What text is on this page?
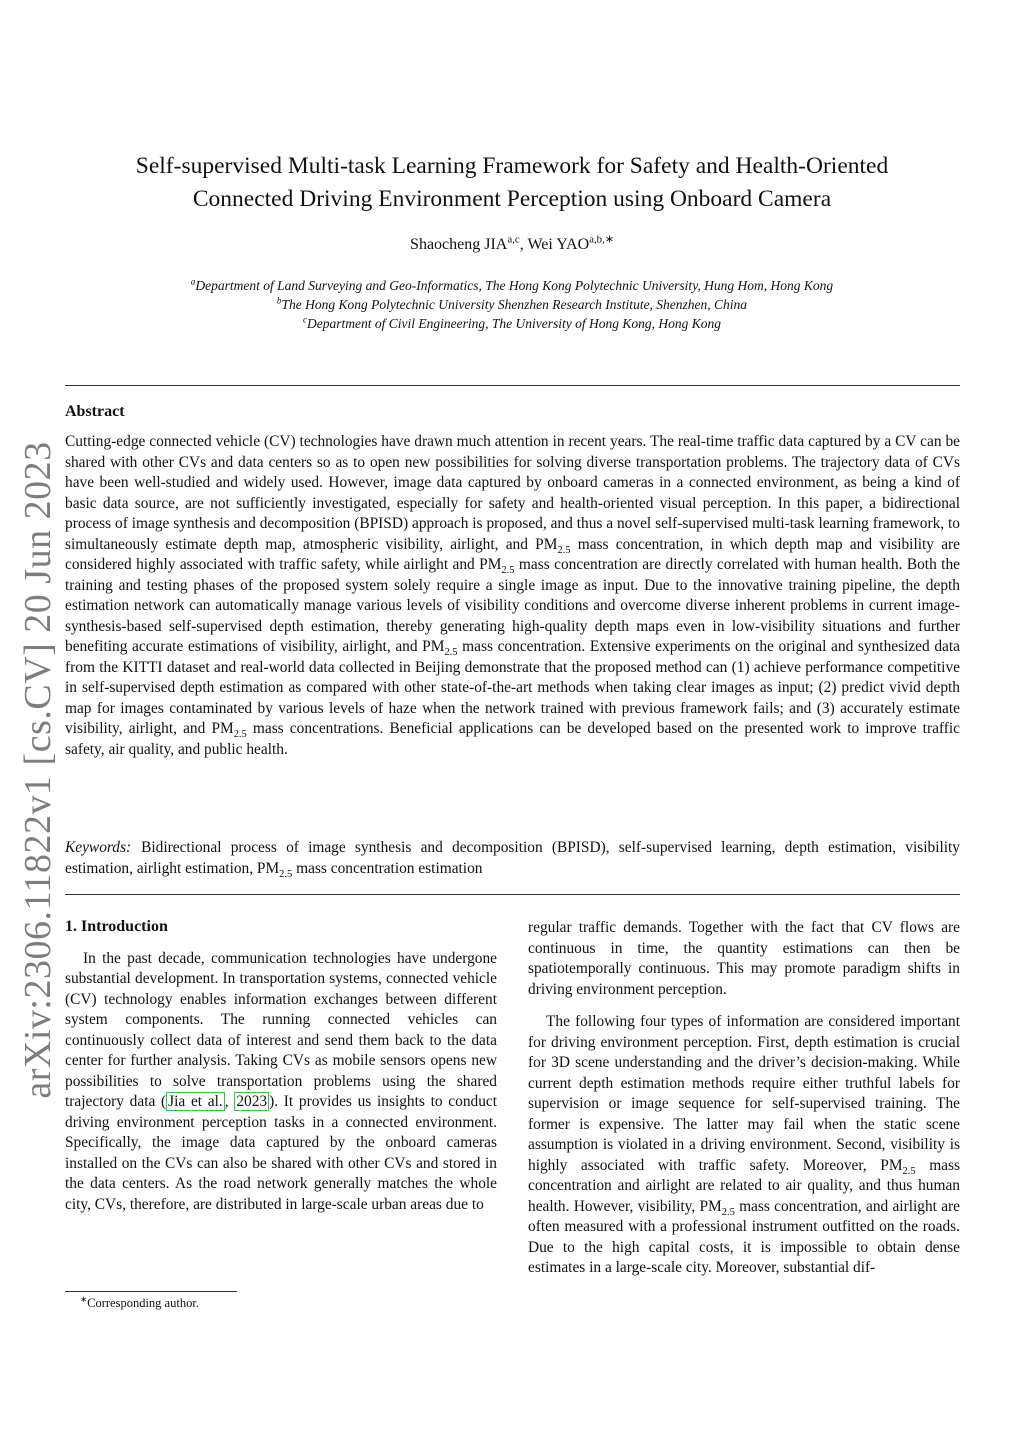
arXiv:2306.11822v1 [cs.CV] 20 Jun 2023
Self-supervised Multi-task Learning Framework for Safety and Health-Oriented
Connected Driving Environment Perception using Onboard Camera
Shaocheng JIA$^{a,c}$, Wei $YAO^{a,b,∗}$
$^a$Department of Land Surveying and Geo-Informatics, The Hong Kong Polytechnic University, Hung Hom, Hong Kong
$^b$The Hong Kong Polytechnic University Shenzhen Research Institute, Shenzhen, China
$^c$Department of Civil Engineering, The University of Hong Kong, Hong Kong
Abstract
Cutting-edge connected vehicle (CV) technologies have drawn much attention in recent years. The real-time traffic data captured by a CV can be shared with other CVs and data centers so as to open new possibilities for solving diverse transportation problems. The trajectory data of CVs have been well-studied and widely used. However, image data captured by onboard cameras in a connected environment, as being a kind of basic data source, are not sufficiently investigated, especially for safety and health-oriented visual perception. In this paper, a bidirectional process of image synthesis and decomposition (BPISD) approach is proposed, and thus a novel self-supervised multi-task learning framework, to simultaneously estimate depth map, atmospheric visibility, airlight, and $PM_{2.5}$ mass concentration, in which depth map and visibility are considered highly associated with traffic safety, while airlight and $PM_{2.5}$ mass concentration are directly correlated with human health. Both the training and testing phases of the proposed system solely require a single image as input. Due to the innovative training pipeline, the depth estimation network can automatically manage various levels of visibility conditions and overcome diverse inherent problems in current image-synthesis-based self-supervised depth estimation, thereby generating high-quality depth maps even in low-visibility situations and further benefiting accurate estimations of visibility, airlight, and $PM_{2.5}$ mass concentration. Extensive experiments on the original and synthesized data from the KITTI dataset and real-world data collected in Beijing demonstrate that the proposed method can (1) achieve performance competitive in self-supervised depth estimation as compared with other state-of-the-art methods when taking clear images as input; (2) predict vivid depth map for images contaminated by various levels of haze when the network trained with previous framework fails; and (3) accurately estimate visibility, airlight, and $PM_{2.5}$ mass concentrations. Beneficial applications can be developed based on the presented work to improve traffic safety, air quality, and public health.
Keywords: Bidirectional process of image synthesis and decomposition (BPISD), self-supervised learning, depth estimation, visibility estimation, airlight estimation, $PM_{2.5}$ mass concentration estimation
1. Introduction

In the past decade, communication technologies have undergone substantial development. In transportation systems, connected vehicle (CV) technology enables information exchanges between different system components. The running connected vehicles can continuously collect data of interest and send them back to the data center for further analysis. Taking CVs as mobile sensors opens new possibilities to solve transportation problems using the shared trajectory data ( Jia et al. , 2023 ). It provides us insights to conduct driving environment perception tasks in a connected environment. Specifically, the image data captured by the onboard cameras installed on the CVs can also be shared with other CVs and stored in the data centers. As the road network generally matches the whole city, CVs, therefore, are distributed in large-scale urban areas due to

regular traffic demands. Together with the fact that CV flows are continuous in time, the quantity estimations can then be spatiotemporally continuous. This may promote paradigm shifts in driving environment perception.

The following four types of information are considered important for driving environment perception. First, depth estimation is crucial for 3D scene understanding and the driver’s decision-making. While current depth estimation methods require either truthful labels for supervision or image sequence for self-supervised training. The former is expensive. The latter may fail when the static scene assumption is violated in a driving environment. Second, visibility is highly associated with traffic safety. Moreover, $PM_{2.5}$ mass concentration and airlight are related to air quality, and thus human health. However, visibility, $PM_{2.5}$ mass concentration, and airlight are often measured with a professional instrument outfitted on the roads. Due to the high capital costs, it is impossible to obtain dense estimates in a large-scale city. Moreover, substantial dif-

∗Corresponding author.
